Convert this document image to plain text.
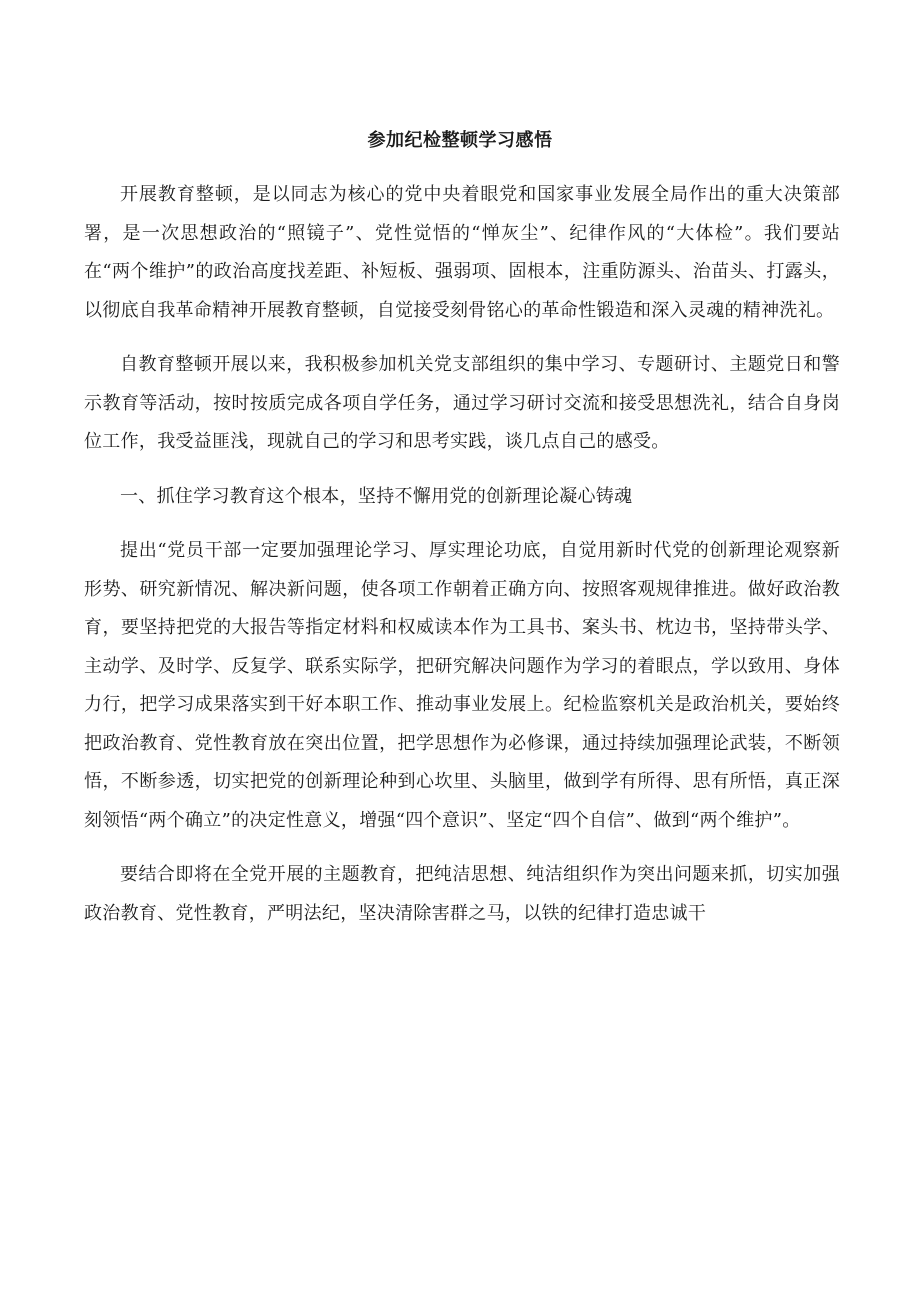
参加纪检整顿学习感悟

开展教育整顿，是以同志为核心的党中央着眼党和国家事业发展全局作出的重大决策部署，是一次思想政治的“照镜子”、党性觉悟的“惮灰尘”、纪律作风的“大体检”。我们要站在“两个维护”的政治高度找差距、补短板、强弱项、固根本，注重防源头、治苗头、打露头，以彻底自我革命精神开展教育整顿，自觉接受刻骨铭心的革命性锻造和深入灵魂的精神洗礼。

自教育整顿开展以来，我积极参加机关党支部组织的集中学习、专题研讨、主题党日和警示教育等活动，按时按质完成各项自学任务，通过学习研讨交流和接受思想洗礼，结合自身岗位工作，我受益匪浅，现就自己的学习和思考实践，谈几点自己的感受。

一、抓住学习教育这个根本，坚持不懈用党的创新理论凝心铸魂

提出“党员干部一定要加强理论学习、厚实理论功底，自觉用新时代党的创新理论观察新形势、研究新情况、解决新问题，使各项工作朝着正确方向、按照客观规律推进。做好政治教育，要坚持把党的大报告等指定材料和权威读本作为工具书、案头书、枕边书，坚持带头学、主动学、及时学、反复学、联系实际学，把研究解决问题作为学习的着眼点，学以致用、身体力行，把学习成果落实到干好本职工作、推动事业发展上。纪检监察机关是政治机关，要始终把政治教育、党性教育放在突出位置，把学思想作为必修课，通过持续加强理论武装，不断领悟，不断参透，切实把党的创新理论种到心坎里、头脑里，做到学有所得、思有所悟，真正深刻领悟“两个确立”的决定性意义，增强“四个意识”、坚定“四个自信”、做到“两个维护”。

要结合即将在全党开展的主题教育，把纯洁思想、纯洁组织作为突出问题来抓，切实加强政治教育、党性教育，严明法纪，坚决清除害群之马，以铁的纪律打造忠诚干
